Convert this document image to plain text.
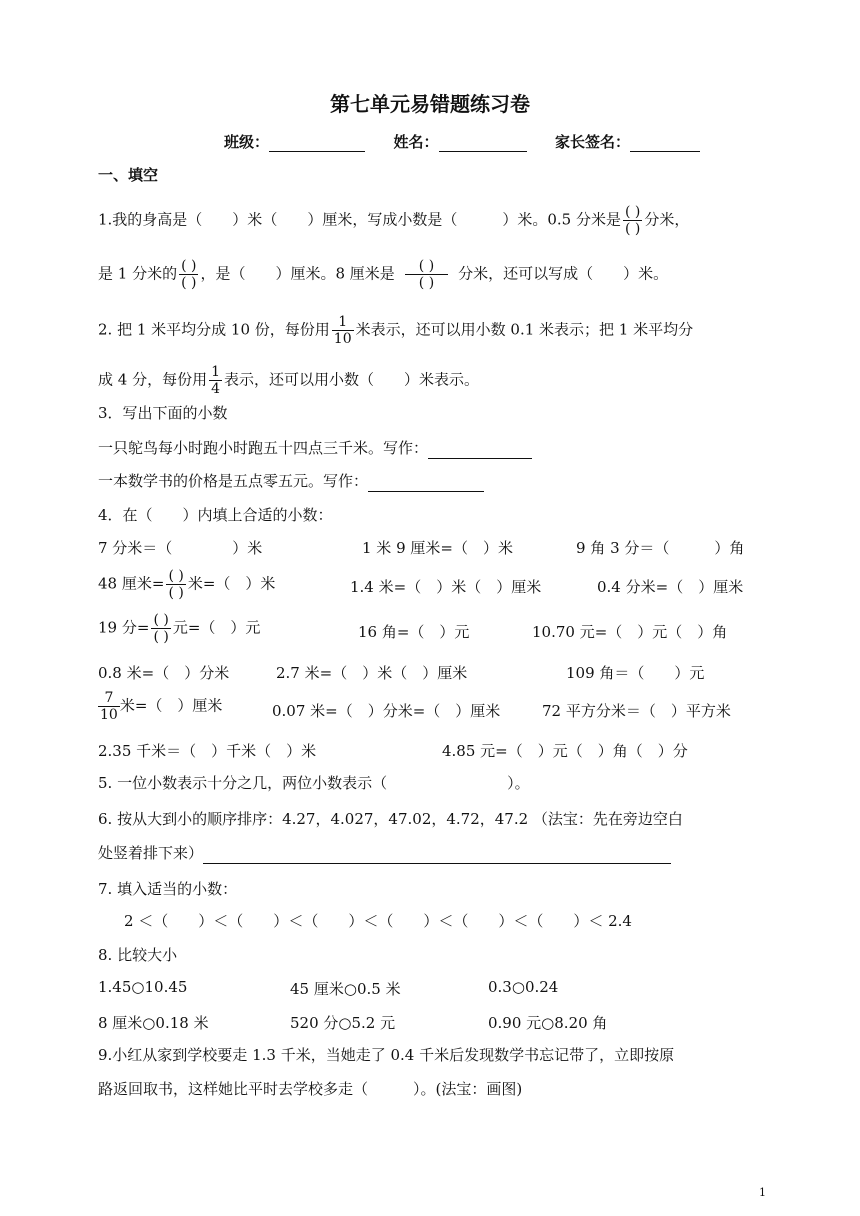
第七单元易错题练习卷
班级：	姓名：	家长签名：
一、填空
1.我的身高是（　　）米（　　）厘米，写成小数是（　　　）米。0.5 分米是 $\frac{( )}{( )}$ 分米，
是 1 分米的 $\frac{( )}{( )}$ ，是（　　）厘米。8 厘米是 $\frac{( )}{( )}$ 分米，还可以写成（　　）米。
2. 把 1 米平均分成 10 份，每份用 $\frac{1}{10}$ 米表示，还可以用小数 0.1 米表示；把 1 米平均分
成 4 分，每份用 $\frac{1}{4}$ 表示，还可以用小数（　　）米表示。
3．写出下面的小数
一只鸵鸟每小时跑小时跑五十四点三千米。写作：
一本数学书的价格是五点零五元。写作：
4．在（　　）内填上合适的小数：
7 分米＝（　　　　）米	1 米 9 厘米=（　）米	9 角 3 分＝（　　　）角
48 厘米= $\frac{( )}{( )}$ 米=（　）米	1.4 米=（　）米（　）厘米	0.4 分米=（　）厘米
19 分= $\frac{( )}{( )}$ 元=（　）元	16 角=（　）元	10.70 元=（　）元（　）角
0.8 米=（　）分米	2.7 米=（　）米（　）厘米	109 角＝（　　）元
$\frac{7}{10}$ 米=（　）厘米	0.07 米=（　）分米=（　）厘米	72 平方分米＝（　）平方米
2.35 千米＝（　）千米（　）米	4.85 元=（　）元（　）角（　）分
5. 一位小数表示十分之几，两位小数表示（　　　　　　　　）。
6. 按从大到小的顺序排序：4.27，4.027，47.02，4.72，47.2 （法宝：先在旁边空白
处竖着排下来）
7. 填入适当的小数：
2 ＜（　　）＜（　　）＜（　　）＜（　　）＜（　　）＜（　　）＜ 2.4
8. 比较大小
1.45○10.45	45 厘米○0.5 米	0.3○0.24
8 厘米○0.18 米	520 分○5.2 元	0.90 元○8.20 角
9.小红从家到学校要走 1.3 千米，当她走了 0.4 千米后发现数学书忘记带了，立即按原
路返回取书，这样她比平时去学校多走（　　　）。(法宝：画图)
1
